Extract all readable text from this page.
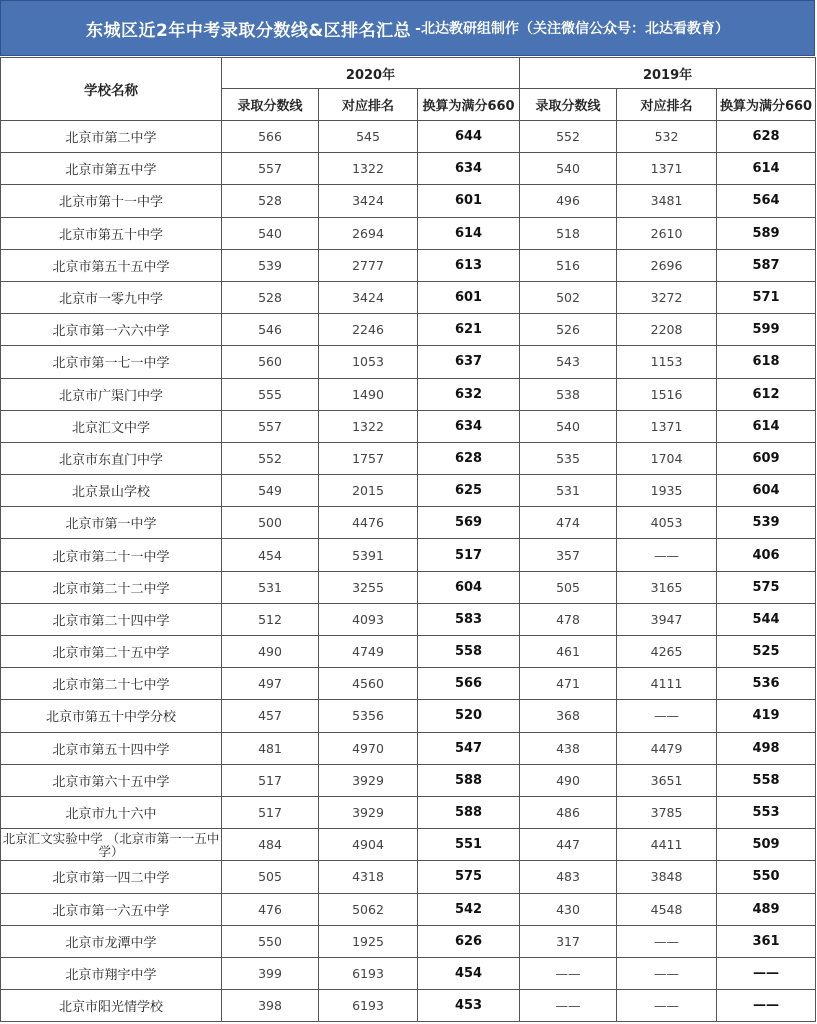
东城区近2年中考录取分数线&区排名汇总 -北达教研组制作（关注微信公众号：北达看教育）
学校名称	2020年			2019年		
	录取分数线	对应排名	换算为满分660	录取分数线	对应排名	换算为满分660
北京市第二中学	566	545	644	552	532	628
北京市第五中学	557	1322	634	540	1371	614
北京市第十一中学	528	3424	601	496	3481	564
北京市第五十中学	540	2694	614	518	2610	589
北京市第五十五中学	539	2777	613	516	2696	587
北京市一零九中学	528	3424	601	502	3272	571
北京市第一六六中学	546	2246	621	526	2208	599
北京市第一七一中学	560	1053	637	543	1153	618
北京市广渠门中学	555	1490	632	538	1516	612
北京汇文中学	557	1322	634	540	1371	614
北京市东直门中学	552	1757	628	535	1704	609
北京景山学校	549	2015	625	531	1935	604
北京市第一中学	500	4476	569	474	4053	539
北京市第二十一中学	454	5391	517	357	——	406
北京市第二十二中学	531	3255	604	505	3165	575
北京市第二十四中学	512	4093	583	478	3947	544
北京市第二十五中学	490	4749	558	461	4265	525
北京市第二十七中学	497	4560	566	471	4111	536
北京市第五十中学分校	457	5356	520	368	——	419
北京市第五十四中学	481	4970	547	438	4479	498
北京市第六十五中学	517	3929	588	490	3651	558
北京市九十六中	517	3929	588	486	3785	553
北京汇文实验中学 （北京市第一一五中学）	484	4904	551	447	4411	509
北京市第一四二中学	505	4318	575	483	3848	550
北京市第一六五中学	476	5062	542	430	4548	489
北京市龙潭中学	550	1925	626	317	——	361
北京市翔宇中学	399	6193	454	——	——	——
北京市阳光情学校	398	6193	453	——	——	——
